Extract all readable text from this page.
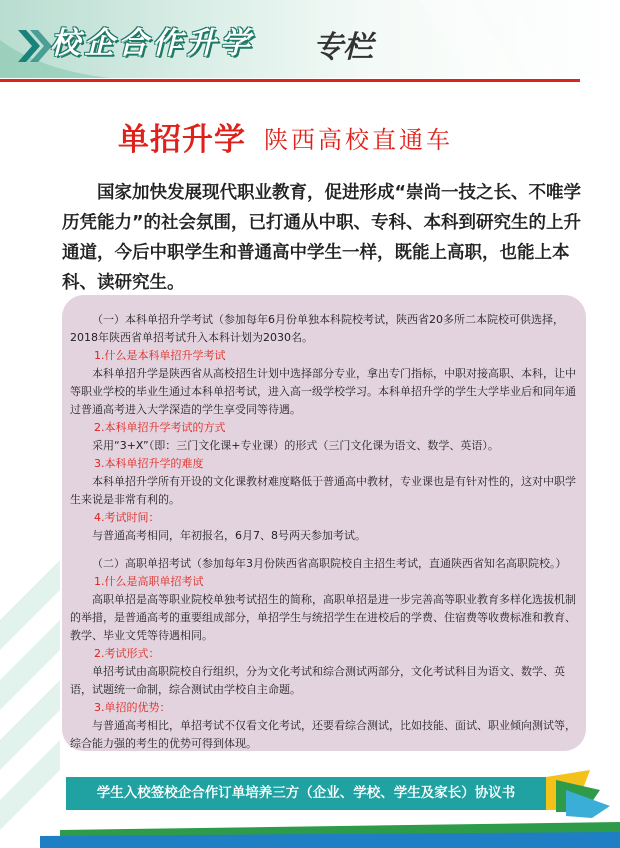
校企合作升学 专栏
单招升学 陕西高校直通车

国家加快发展现代职业教育，促进形成“崇尚一技之长、不唯学历凭能力”的社会氛围，已打通从中职、专科、本科到研究生的上升通道，今后中职学生和普通高中学生一样，既能上高职，也能上本科、读研究生。

（一）本科单招升学考试（参加每年6月份单独本科院校考试，陕西省20多所二本院校可供选择，2018年陕西省单招考试升入本科计划为2030名。

1.什么是本科单招升学考试

本科单招升学是陕西省从高校招生计划中选择部分专业，拿出专门指标，中职对接高职、本科，让中等职业学校的毕业生通过本科单招考试，进入高一级学校学习。本科单招升学的学生大学毕业后和同年通过普通高考进入大学深造的学生享受同等待遇。

2.本科单招升学考试的方式

采用“3+X”（即：三门文化课+专业课）的形式（三门文化课为语文、数学、英语）。

3.本科单招升学的难度

本科单招升学所有开设的文化课教材难度略低于普通高中教材，专业课也是有针对性的，这对中职学生来说是非常有利的。

4.考试时间：

与普通高考相同，年初报名，6月7、8号两天参加考试。

（二）高职单招考试（参加每年3月份陕西省高职院校自主招生考试，直通陕西省知名高职院校。）

1.什么是高职单招考试

高职单招是高等职业院校单独考试招生的简称，高职单招是进一步完善高等职业教育多样化选拔机制的举措，是普通高考的重要组成部分，单招学生与统招学生在进校后的学费、住宿费等收费标准和教育、教学、毕业文凭等待遇相同。

2.考试形式：

单招考试由高职院校自行组织，分为文化考试和综合测试两部分，文化考试科目为语文、数学、英语，试题统一命制，综合测试由学校自主命题。

3.单招的优势：

与普通高考相比，单招考试不仅看文化考试，还要看综合测试，比如技能、面试、职业倾向测试等，综合能力强的考生的优势可得到体现。

学生入校签校企合作订单培养三方（企业、学校、学生及家长）协议书
